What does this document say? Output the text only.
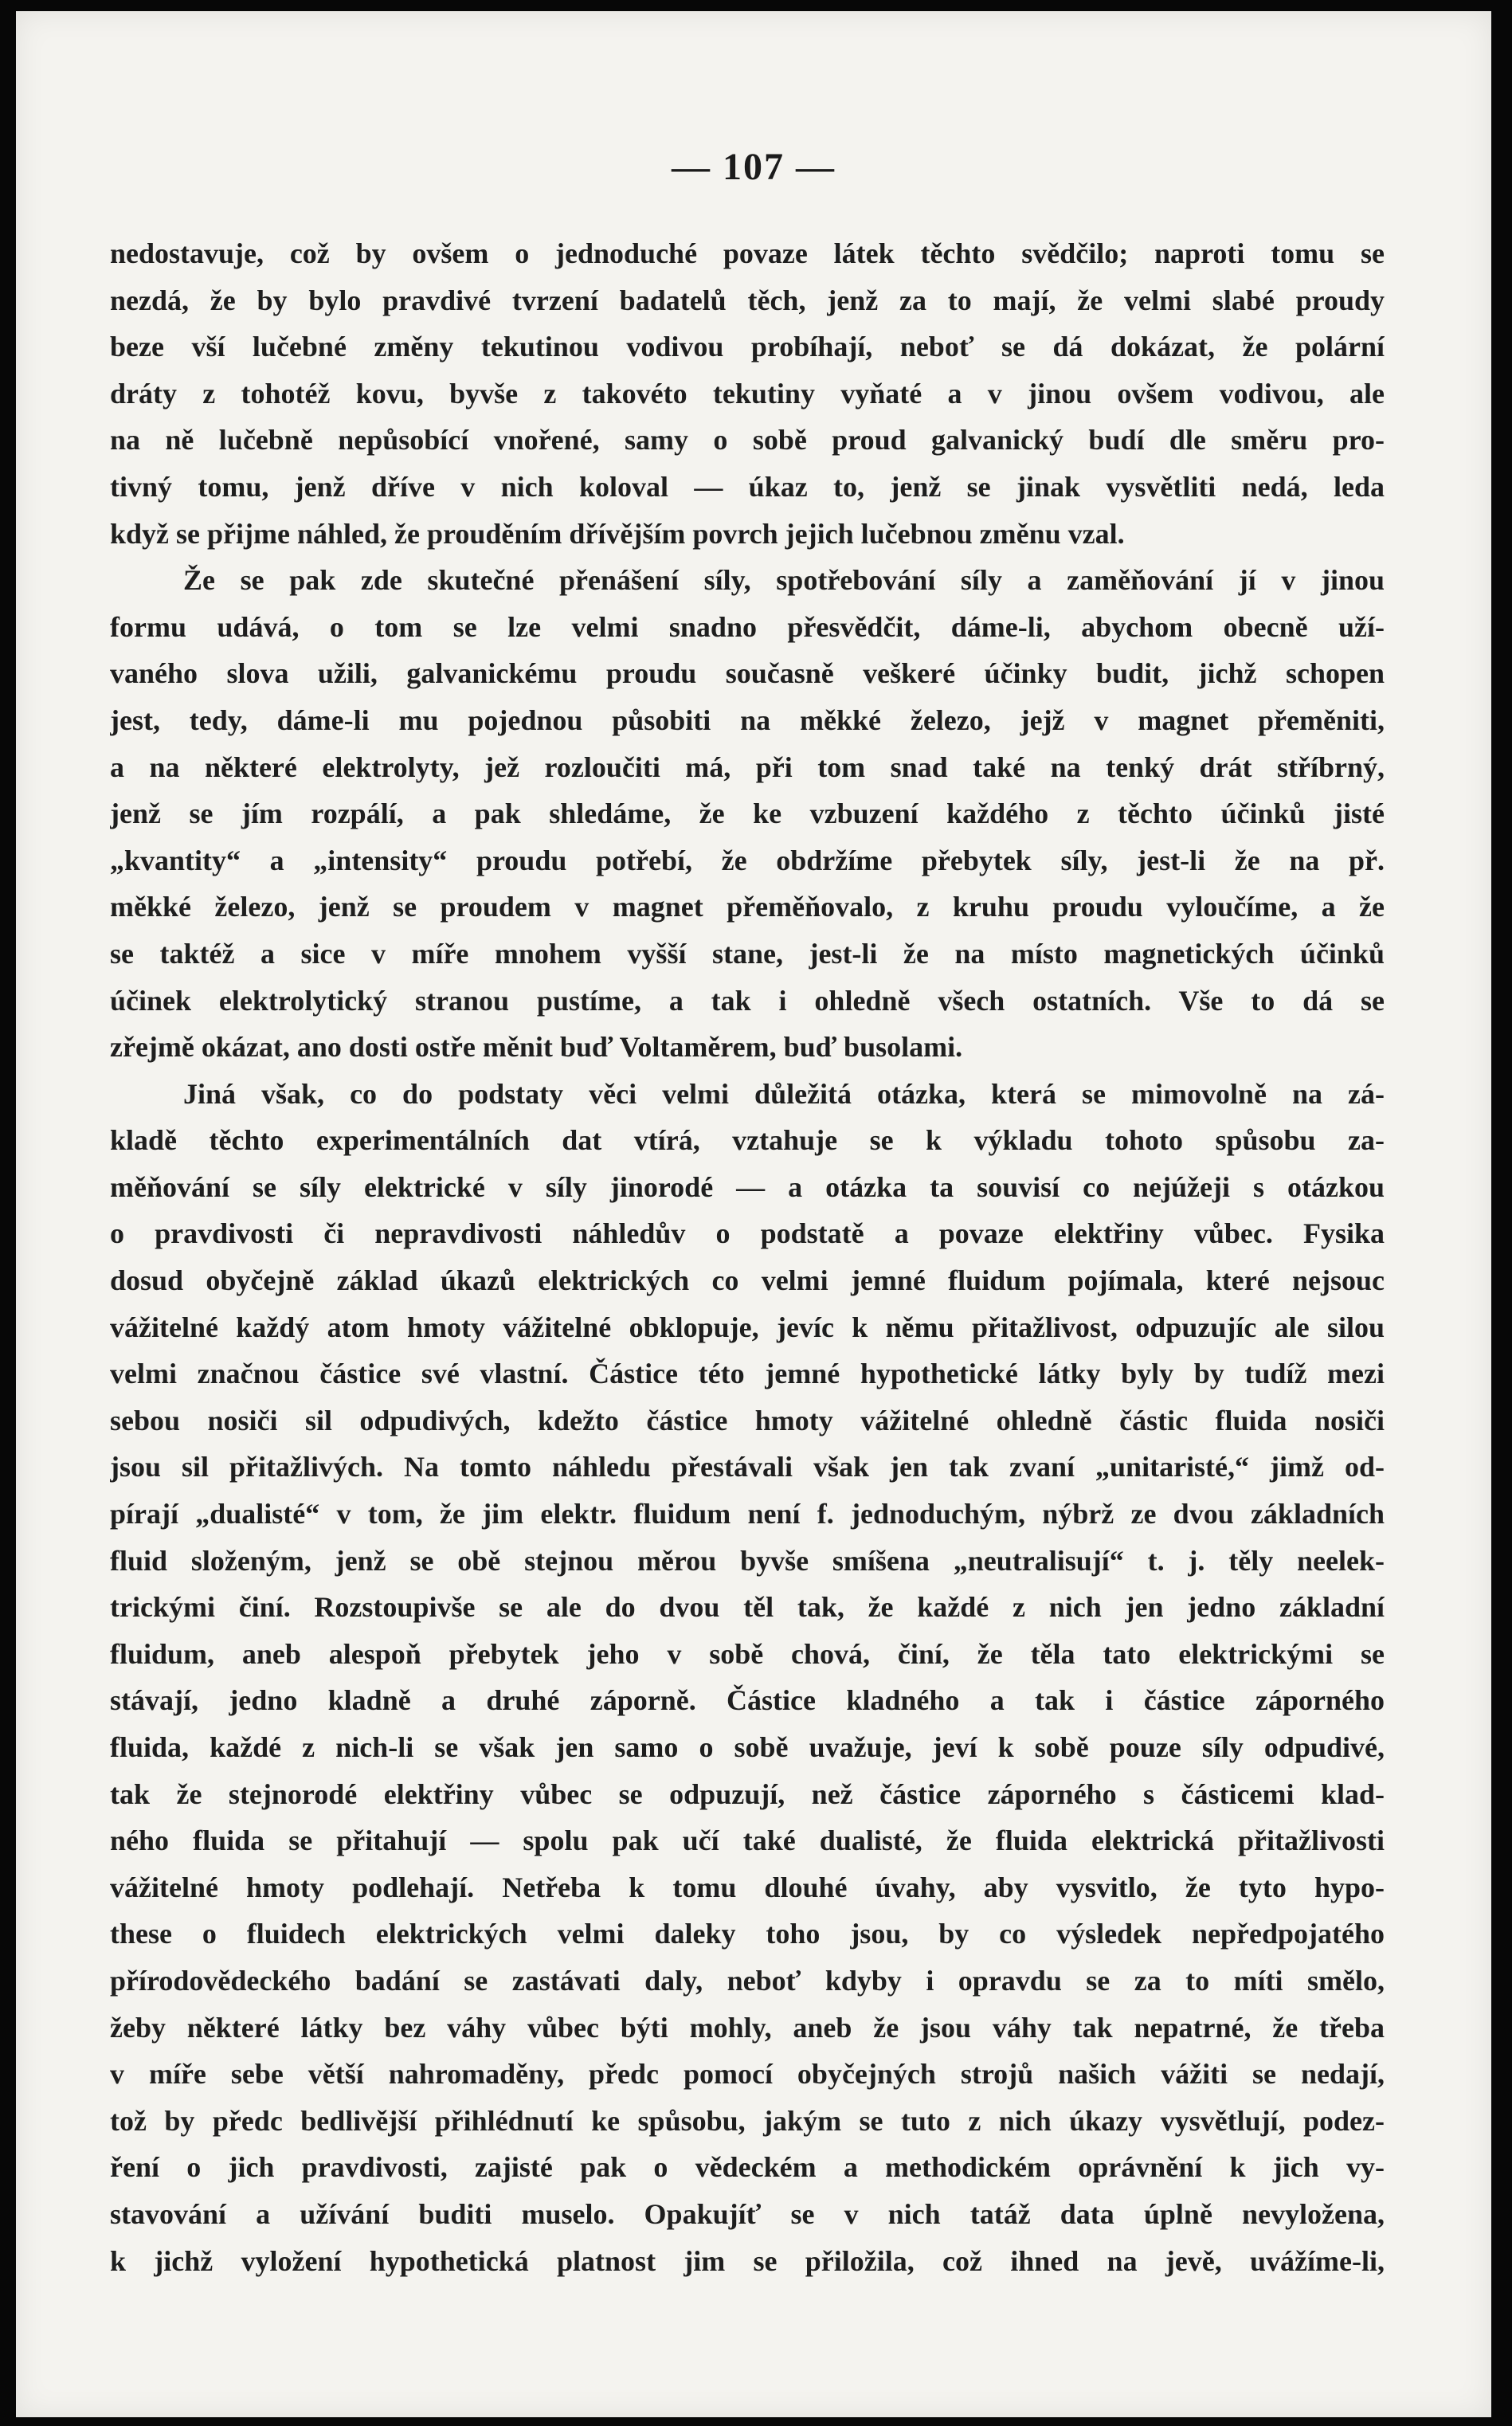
— 107 —
nedostavuje, což by ovšem o jednoduché povaze látek těchto svědčilo; naproti tomu se
nezdá, že by bylo pravdivé tvrzení badatelů těch, jenž za to mají, že velmi slabé proudy
beze vší lučebné změny tekutinou vodivou probíhají, neboť se dá dokázat, že polární
dráty z tohotéž kovu, byvše z takovéto tekutiny vyňaté a v jinou ovšem vodivou, ale
na ně lučebně nepůsobící vnořené, samy o sobě proud galvanický budí dle směru pro-
tivný tomu, jenž dříve v nich koloval — úkaz to, jenž se jinak vysvětliti nedá, leda
když se přijme náhled, že prouděním dřívějším povrch jejich lučebnou změnu vzal.
Že se pak zde skutečné přenášení síly, spotřebování síly a zaměňování jí v jinou
formu udává, o tom se lze velmi snadno přesvědčit, dáme-li, abychom obecně uží-
vaného slova užili, galvanickému proudu současně veškeré účinky budit, jichž schopen
jest, tedy, dáme-li mu pojednou působiti na měkké železo, jejž v magnet přeměniti,
a na některé elektrolyty, jež rozloučiti má, při tom snad také na tenký drát stříbrný,
jenž se jím rozpálí, a pak shledáme, že ke vzbuzení každého z těchto účinků jisté
„kvantity“ a „intensity“ proudu potřebí, že obdržíme přebytek síly, jest-li že na př.
měkké železo, jenž se proudem v magnet přeměňovalo, z kruhu proudu vyloučíme, a že
se taktéž a sice v míře mnohem vyšší stane, jest-li že na místo magnetických účinků
účinek elektrolytický stranou pustíme, a tak i ohledně všech ostatních. Vše to dá se
zřejmě okázat, ano dosti ostře měnit buď Voltaměrem, buď busolami.
Jiná však, co do podstaty věci velmi důležitá otázka, která se mimovolně na zá-
kladě těchto experimentálních dat vtírá, vztahuje se k výkladu tohoto spůsobu za-
měňování se síly elektrické v síly jinorodé — a otázka ta souvisí co nejúžeji s otázkou
o pravdivosti či nepravdivosti náhledův o podstatě a povaze elektřiny vůbec. Fysika
dosud obyčejně základ úkazů elektrických co velmi jemné fluidum pojímala, které nejsouc
vážitelné každý atom hmoty vážitelné obklopuje, jevíc k němu přitažlivost, odpuzujíc ale silou
velmi značnou částice své vlastní. Částice této jemné hypothetické látky byly by tudíž mezi
sebou nosiči sil odpudivých, kdežto částice hmoty vážitelné ohledně částic fluida nosiči
jsou sil přitažlivých. Na tomto náhledu přestávali však jen tak zvaní „unitaristé,“ jimž od-
pírají „dualisté“ v tom, že jim elektr. fluidum není f. jednoduchým, nýbrž ze dvou základních
fluid složeným, jenž se obě stejnou měrou byvše smíšena „neutralisují“ t. j. těly neelek-
trickými činí. Rozstoupivše se ale do dvou těl tak, že každé z nich jen jedno základní
fluidum, aneb alespoň přebytek jeho v sobě chová, činí, že těla tato elektrickými se
stávají, jedno kladně a druhé záporně. Částice kladného a tak i částice záporného
fluida, každé z nich-li se však jen samo o sobě uvažuje, jeví k sobě pouze síly odpudivé,
tak že stejnorodé elektřiny vůbec se odpuzují, než částice záporného s částicemi klad-
ného fluida se přitahují — spolu pak učí také dualisté, že fluida elektrická přitažlivosti
vážitelné hmoty podlehají. Netřeba k tomu dlouhé úvahy, aby vysvitlo, že tyto hypo-
these o fluidech elektrických velmi daleky toho jsou, by co výsledek nepředpojatého
přírodovědeckého badání se zastávati daly, neboť kdyby i opravdu se za to míti smělo,
žeby některé látky bez váhy vůbec býti mohly, aneb že jsou váhy tak nepatrné, že třeba
v míře sebe větší nahromaděny, předc pomocí obyčejných strojů našich vážiti se nedají,
tož by předc bedlivější přihlédnutí ke spůsobu, jakým se tuto z nich úkazy vysvětlují, podez-
ření o jich pravdivosti, zajisté pak o vědeckém a methodickém oprávnění k jich vy-
stavování a užívání buditi muselo. Opakujíť se v nich tatáž data úplně nevyložena,
k jichž vyložení hypothetická platnost jim se přiložila, což ihned na jevě, uvážíme-li,
